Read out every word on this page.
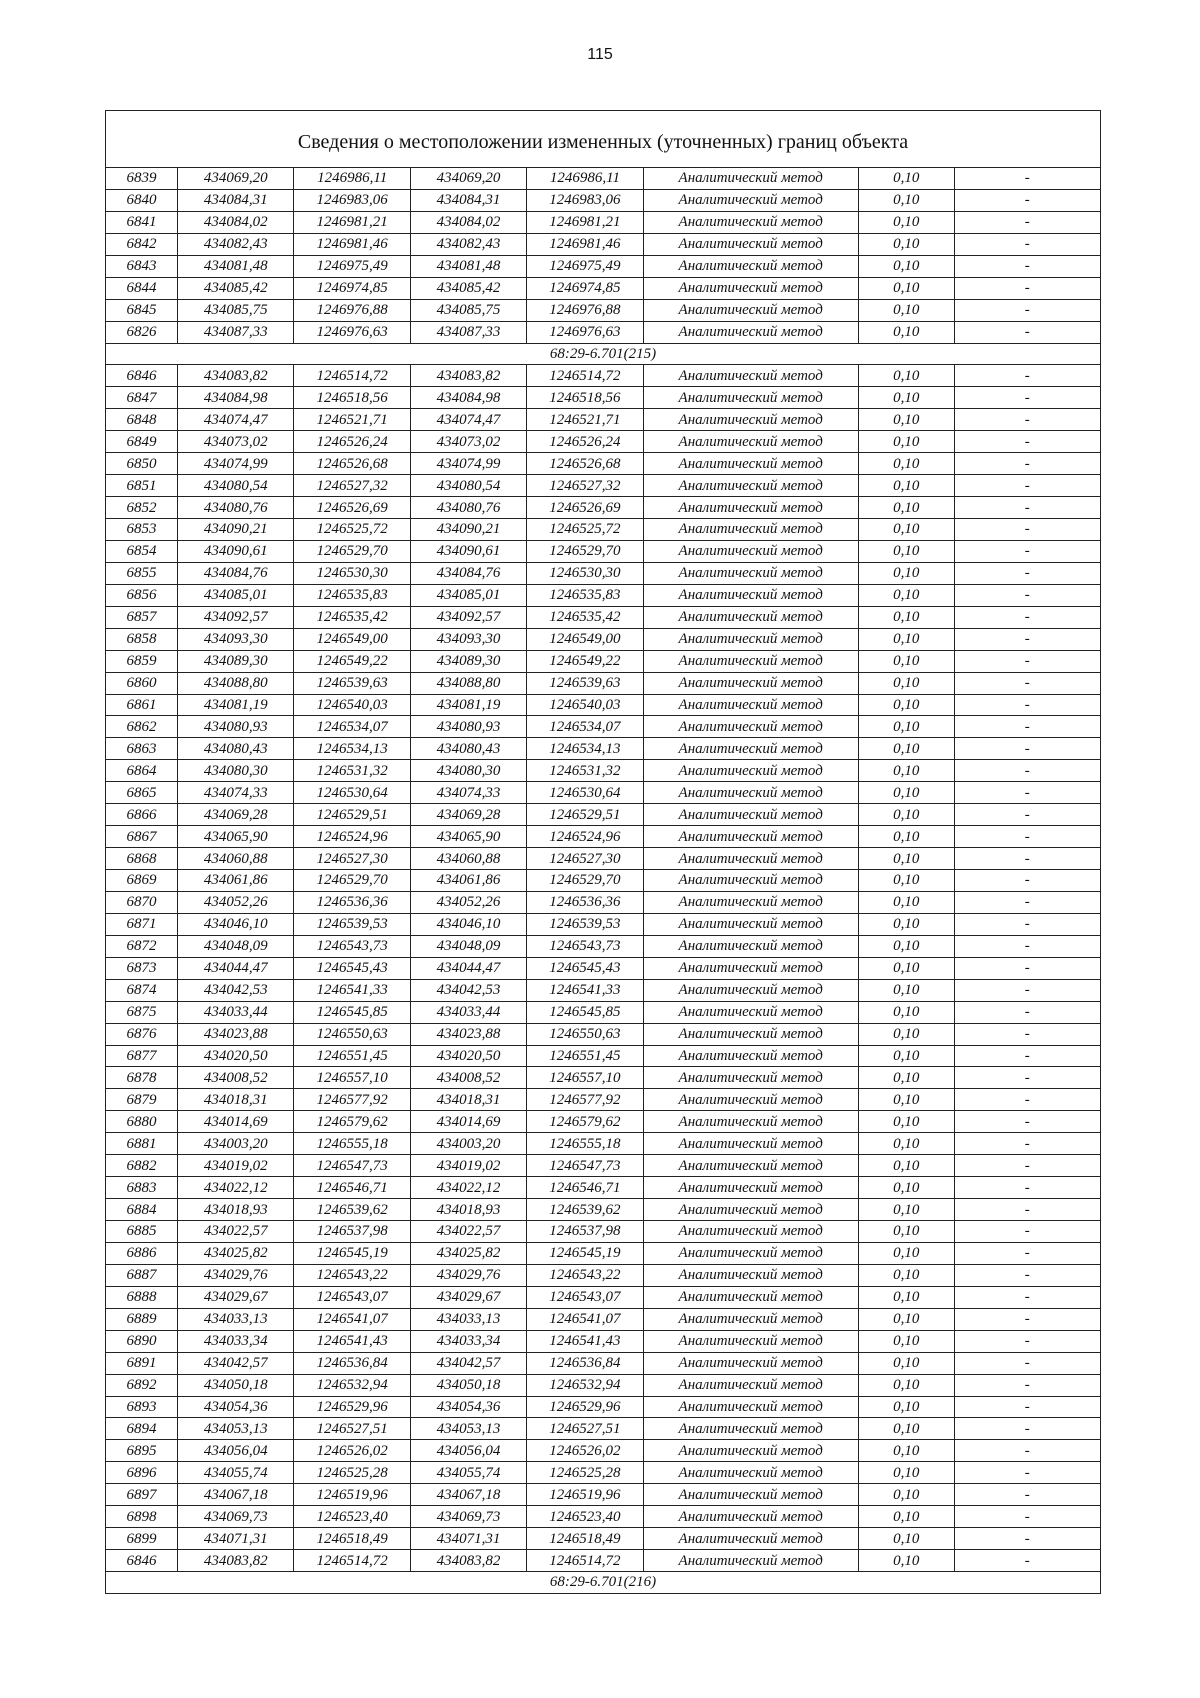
115
Сведения о местоположении измененных (уточненных) границ объекта							
6839	434069,20	1246986,11	434069,20	1246986,11	Аналитический метод	0,10	-
6840	434084,31	1246983,06	434084,31	1246983,06	Аналитический метод	0,10	-
6841	434084,02	1246981,21	434084,02	1246981,21	Аналитический метод	0,10	-
6842	434082,43	1246981,46	434082,43	1246981,46	Аналитический метод	0,10	-
6843	434081,48	1246975,49	434081,48	1246975,49	Аналитический метод	0,10	-
6844	434085,42	1246974,85	434085,42	1246974,85	Аналитический метод	0,10	-
6845	434085,75	1246976,88	434085,75	1246976,88	Аналитический метод	0,10	-
6826	434087,33	1246976,63	434087,33	1246976,63	Аналитический метод	0,10	-
68:29-6.701(215)							
6846	434083,82	1246514,72	434083,82	1246514,72	Аналитический метод	0,10	-
6847	434084,98	1246518,56	434084,98	1246518,56	Аналитический метод	0,10	-
6848	434074,47	1246521,71	434074,47	1246521,71	Аналитический метод	0,10	-
6849	434073,02	1246526,24	434073,02	1246526,24	Аналитический метод	0,10	-
6850	434074,99	1246526,68	434074,99	1246526,68	Аналитический метод	0,10	-
6851	434080,54	1246527,32	434080,54	1246527,32	Аналитический метод	0,10	-
6852	434080,76	1246526,69	434080,76	1246526,69	Аналитический метод	0,10	-
6853	434090,21	1246525,72	434090,21	1246525,72	Аналитический метод	0,10	-
6854	434090,61	1246529,70	434090,61	1246529,70	Аналитический метод	0,10	-
6855	434084,76	1246530,30	434084,76	1246530,30	Аналитический метод	0,10	-
6856	434085,01	1246535,83	434085,01	1246535,83	Аналитический метод	0,10	-
6857	434092,57	1246535,42	434092,57	1246535,42	Аналитический метод	0,10	-
6858	434093,30	1246549,00	434093,30	1246549,00	Аналитический метод	0,10	-
6859	434089,30	1246549,22	434089,30	1246549,22	Аналитический метод	0,10	-
6860	434088,80	1246539,63	434088,80	1246539,63	Аналитический метод	0,10	-
6861	434081,19	1246540,03	434081,19	1246540,03	Аналитический метод	0,10	-
6862	434080,93	1246534,07	434080,93	1246534,07	Аналитический метод	0,10	-
6863	434080,43	1246534,13	434080,43	1246534,13	Аналитический метод	0,10	-
6864	434080,30	1246531,32	434080,30	1246531,32	Аналитический метод	0,10	-
6865	434074,33	1246530,64	434074,33	1246530,64	Аналитический метод	0,10	-
6866	434069,28	1246529,51	434069,28	1246529,51	Аналитический метод	0,10	-
6867	434065,90	1246524,96	434065,90	1246524,96	Аналитический метод	0,10	-
6868	434060,88	1246527,30	434060,88	1246527,30	Аналитический метод	0,10	-
6869	434061,86	1246529,70	434061,86	1246529,70	Аналитический метод	0,10	-
6870	434052,26	1246536,36	434052,26	1246536,36	Аналитический метод	0,10	-
6871	434046,10	1246539,53	434046,10	1246539,53	Аналитический метод	0,10	-
6872	434048,09	1246543,73	434048,09	1246543,73	Аналитический метод	0,10	-
6873	434044,47	1246545,43	434044,47	1246545,43	Аналитический метод	0,10	-
6874	434042,53	1246541,33	434042,53	1246541,33	Аналитический метод	0,10	-
6875	434033,44	1246545,85	434033,44	1246545,85	Аналитический метод	0,10	-
6876	434023,88	1246550,63	434023,88	1246550,63	Аналитический метод	0,10	-
6877	434020,50	1246551,45	434020,50	1246551,45	Аналитический метод	0,10	-
6878	434008,52	1246557,10	434008,52	1246557,10	Аналитический метод	0,10	-
6879	434018,31	1246577,92	434018,31	1246577,92	Аналитический метод	0,10	-
6880	434014,69	1246579,62	434014,69	1246579,62	Аналитический метод	0,10	-
6881	434003,20	1246555,18	434003,20	1246555,18	Аналитический метод	0,10	-
6882	434019,02	1246547,73	434019,02	1246547,73	Аналитический метод	0,10	-
6883	434022,12	1246546,71	434022,12	1246546,71	Аналитический метод	0,10	-
6884	434018,93	1246539,62	434018,93	1246539,62	Аналитический метод	0,10	-
6885	434022,57	1246537,98	434022,57	1246537,98	Аналитический метод	0,10	-
6886	434025,82	1246545,19	434025,82	1246545,19	Аналитический метод	0,10	-
6887	434029,76	1246543,22	434029,76	1246543,22	Аналитический метод	0,10	-
6888	434029,67	1246543,07	434029,67	1246543,07	Аналитический метод	0,10	-
6889	434033,13	1246541,07	434033,13	1246541,07	Аналитический метод	0,10	-
6890	434033,34	1246541,43	434033,34	1246541,43	Аналитический метод	0,10	-
6891	434042,57	1246536,84	434042,57	1246536,84	Аналитический метод	0,10	-
6892	434050,18	1246532,94	434050,18	1246532,94	Аналитический метод	0,10	-
6893	434054,36	1246529,96	434054,36	1246529,96	Аналитический метод	0,10	-
6894	434053,13	1246527,51	434053,13	1246527,51	Аналитический метод	0,10	-
6895	434056,04	1246526,02	434056,04	1246526,02	Аналитический метод	0,10	-
6896	434055,74	1246525,28	434055,74	1246525,28	Аналитический метод	0,10	-
6897	434067,18	1246519,96	434067,18	1246519,96	Аналитический метод	0,10	-
6898	434069,73	1246523,40	434069,73	1246523,40	Аналитический метод	0,10	-
6899	434071,31	1246518,49	434071,31	1246518,49	Аналитический метод	0,10	-
6846	434083,82	1246514,72	434083,82	1246514,72	Аналитический метод	0,10	-
68:29-6.701(216)							
